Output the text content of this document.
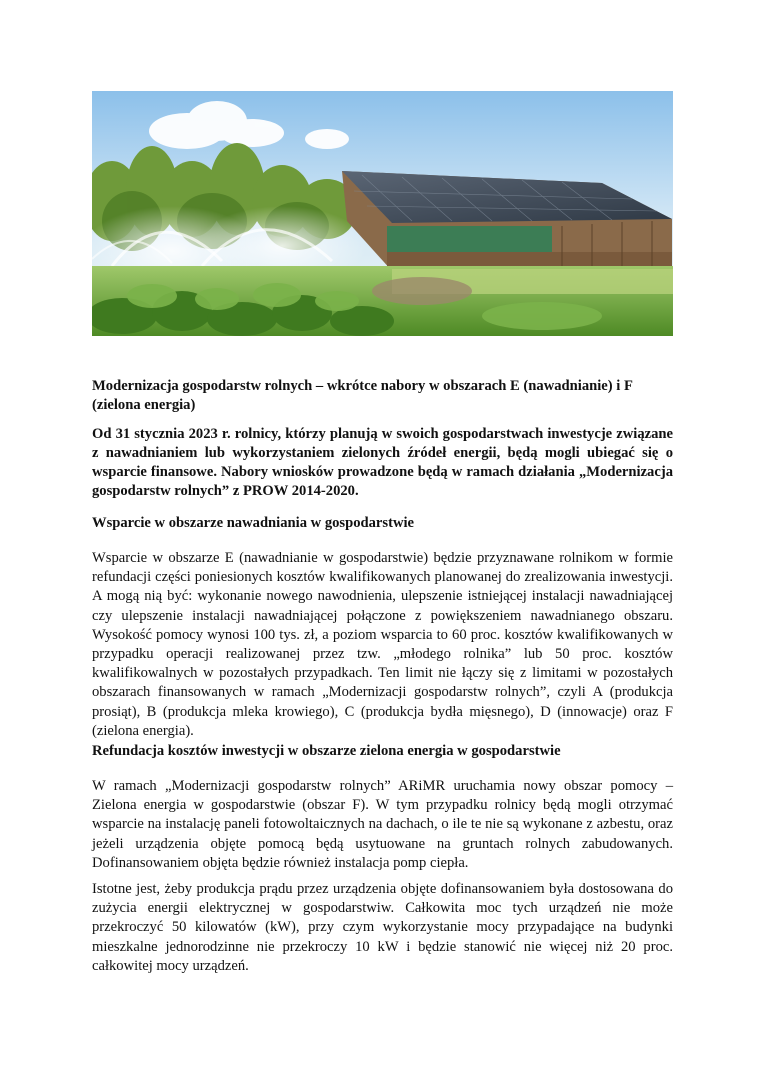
Modernizacja gospodarstw rolnych – wkrótce nabory w obszarach E (nawadnianie) i F (zielona energia)
Od 31 stycznia 2023 r. rolnicy, którzy planują w swoich gospodarstwach inwestycje związane z nawadnianiem lub wykorzystaniem zielonych źródeł energii, będą mogli ubiegać się o wsparcie finansowe. Nabory wniosków prowadzone będą w ramach działania „Modernizacja gospodarstw rolnych” z PROW 2014-2020.
Wsparcie w obszarze nawadniania w gospodarstwie
Wsparcie w obszarze E (nawadnianie w gospodarstwie) będzie przyznawane rolnikom w formie refundacji części poniesionych kosztów kwalifikowanych planowanej do zrealizowania inwestycji. A mogą nią być: wykonanie nowego nawodnienia, ulepszenie istniejącej instalacji nawadniającej czy ulepszenie instalacji nawadniającej połączone z powiększeniem nawadnianego obszaru. Wysokość pomocy wynosi 100 tys. zł, a poziom wsparcia to 60 proc. kosztów kwalifikowanych w przypadku operacji realizowanej przez tzw. „młodego rolnika” lub 50 proc. kosztów kwalifikowalnych w pozostałych przypadkach. Ten limit nie łączy się z limitami w pozostałych obszarach finansowanych w ramach „Modernizacji gospodarstw rolnych”, czyli A (produkcja prosiąt), B (produkcja mleka krowiego), C (produkcja bydła mięsnego), D (innowacje) oraz F (zielona energia).
Refundacja kosztów inwestycji w obszarze zielona energia w gospodarstwie
W ramach „Modernizacji gospodarstw rolnych” ARiMR uruchamia nowy obszar pomocy – Zielona energia w gospodarstwie (obszar F). W tym przypadku rolnicy będą mogli otrzymać wsparcie na instalację paneli fotowoltaicznych na dachach, o ile te nie są wykonane z azbestu, oraz jeżeli urządzenia objęte pomocą będą usytuowane na gruntach rolnych zabudowanych. Dofinansowaniem objęta będzie również instalacja pomp ciepła.
Istotne jest, żeby produkcja prądu przez urządzenia objęte dofinansowaniem była dostosowana do zużycia energii elektrycznej w gospodarstwiw. Całkowita moc tych urządzeń nie może przekroczyć 50 kilowatów (kW), przy czym wykorzystanie mocy przypadające na budynki mieszkalne jednorodzinne nie przekroczy 10 kW i będzie stanowić nie więcej niż 20 proc. całkowitej mocy urządzeń.
